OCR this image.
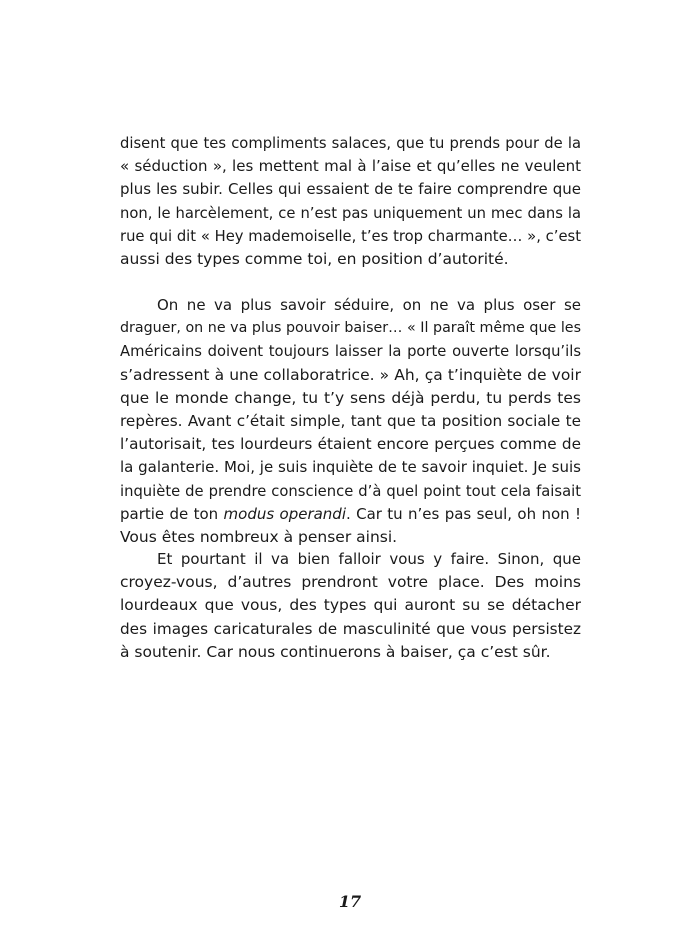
disent que tes compliments salaces, que tu prends pour de la
« séduction », les mettent mal à l’aise et qu’elles ne veulent
plus les subir. Celles qui essaient de te faire comprendre que
non, le harcèlement, ce n’est pas uniquement un mec dans la
rue qui dit « Hey mademoiselle, t’es trop charmante… », c’est
aussi des types comme toi, en position d’autorité.
On ne va plus savoir séduire, on ne va plus oser se
draguer, on ne va plus pouvoir baiser… « Il paraît même que les
Américains doivent toujours laisser la porte ouverte lorsqu’ils
s’adressent à une collaboratrice. » Ah, ça t’inquiète de voir
que le monde change, tu t’y sens déjà perdu, tu perds tes
repères. Avant c’était simple, tant que ta position sociale te
l’autorisait, tes lourdeurs étaient encore perçues comme de
la galanterie. Moi, je suis inquiète de te savoir inquiet. Je suis
inquiète de prendre conscience d’à quel point tout cela faisait
partie de ton modus operandi. Car tu n’es pas seul, oh non !
Vous êtes nombreux à penser ainsi.
Et pourtant il va bien falloir vous y faire. Sinon, que
croyez-vous, d’autres prendront votre place. Des moins
lourdeaux que vous, des types qui auront su se détacher
des images caricaturales de masculinité que vous persistez
à soutenir. Car nous continuerons à baiser, ça c’est sûr.
17
